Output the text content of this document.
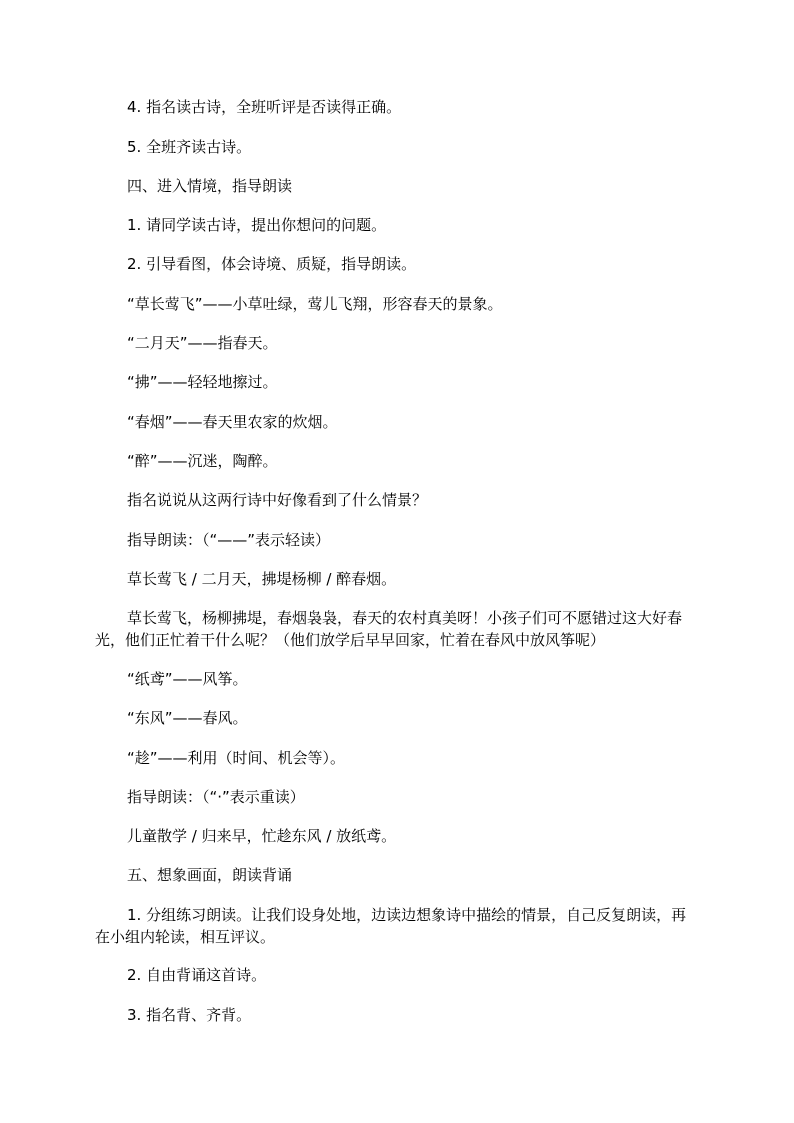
4. 指名读古诗，全班听评是否读得正确。

5. 全班齐读古诗。

四、进入情境，指导朗读

1. 请同学读古诗，提出你想问的问题。

2. 引导看图，体会诗境、质疑，指导朗读。

“草长莺飞”——小草吐绿，莺儿飞翔，形容春天的景象。

“二月天”——指春天。

“拂”——轻轻地擦过。

“春烟”——春天里农家的炊烟。

“醉”——沉迷，陶醉。

指名说说从这两行诗中好像看到了什么情景？

指导朗读：（“——”表示轻读）

草长莺飞 / 二月天，拂堤杨柳 / 醉春烟。

草长莺飞，杨柳拂堤，春烟袅袅，春天的农村真美呀！小孩子们可不愿错过这大好春光，他们正忙着干什么呢？（他们放学后早早回家，忙着在春风中放风筝呢）

“纸鸢”——风筝。

“东风”——春风。

“趁”——利用（时间、机会等）。

指导朗读：（“·”表示重读）

儿童散学 / 归来早，忙趁东风 / 放纸鸢。

五、想象画面，朗读背诵

1. 分组练习朗读。让我们设身处地，边读边想象诗中描绘的情景，自己反复朗读，再在小组内轮读，相互评议。

2. 自由背诵这首诗。

3. 指名背、齐背。
